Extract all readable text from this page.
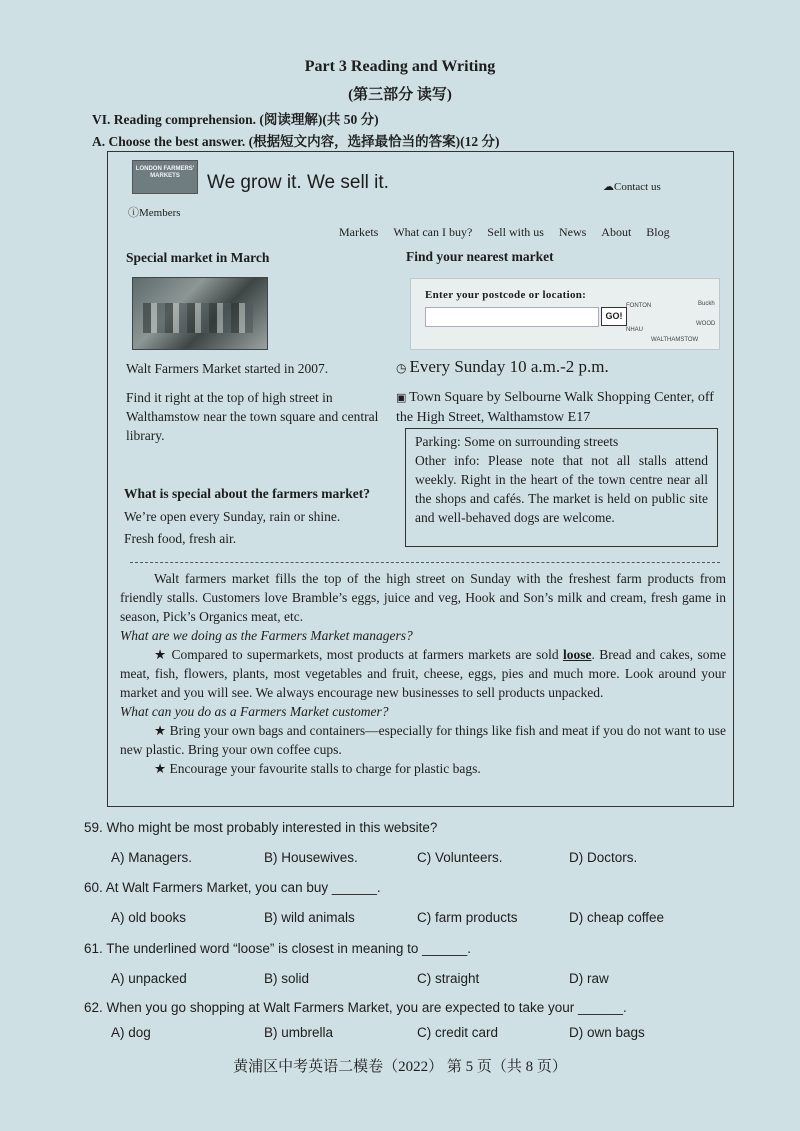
Part 3 Reading and Writing
(第三部分 读写)
VI. Reading comprehension. (阅读理解)(共 50 分)
A. Choose the best answer. (根据短文内容，选择最恰当的答案)(12 分)
LONDON FARMERS' MARKETS	We grow it. We sell it.	☁Contact us
ⓘMembers
Markets What can I buy? Sell with us News About Blog
Special market in March	Find your nearest market
Enter your postcode or location:
GO!
FONTON
NHAU
WALTHAMSTOW
WOOD
Buckh
Walt Farmers Market started in 2007.
Find it right at the top of high street in Walthamstow near the town square and central library.
◷ Every Sunday 10 a.m.-2 p.m.
▣ Town Square by Selbourne Walk Shopping Center, off the High Street, Walthamstow E17
Parking: Some on surrounding streets
Other info: Please note that not all stalls attend weekly. Right in the heart of the town centre near all the shops and cafés. The market is held on public site and well-behaved dogs are welcome.
What is special about the farmers market?
We’re open every Sunday, rain or shine.
Fresh food, fresh air.

Walt farmers market fills the top of the high street on Sunday with the freshest farm products from friendly stalls. Customers love Bramble’s eggs, juice and veg, Hook and Son’s milk and cream, fresh game in season, Pick’s Organics meat, etc.

What are we doing as the Farmers Market managers?

★ Compared to supermarkets, most products at farmers markets are sold loose. Bread and cakes, some meat, fish, flowers, plants, most vegetables and fruit, cheese, eggs, pies and much more. Look around your market and you will see. We always encourage new businesses to sell products unpacked.

What can you do as a Farmers Market customer?

★ Bring your own bags and containers—especially for things like fish and meat if you do not want to use new plastic. Bring your own coffee cups.

★ Encourage your favourite stalls to charge for plastic bags.

59. Who might be most probably interested in this website?
A) Managers.	B) Housewives.	C) Volunteers.	D) Doctors.
60. At Walt Farmers Market, you can buy ______.
A) old books	B) wild animals	C) farm products	D) cheap coffee
61. The underlined word “loose” is closest in meaning to ______.
A) unpacked	B) solid	C) straight	D) raw
62. When you go shopping at Walt Farmers Market, you are expected to take your ______.
A) dog	B) umbrella	C) credit card	D) own bags
黄浦区中考英语二模卷（2022） 第 5 页（共 8 页）
